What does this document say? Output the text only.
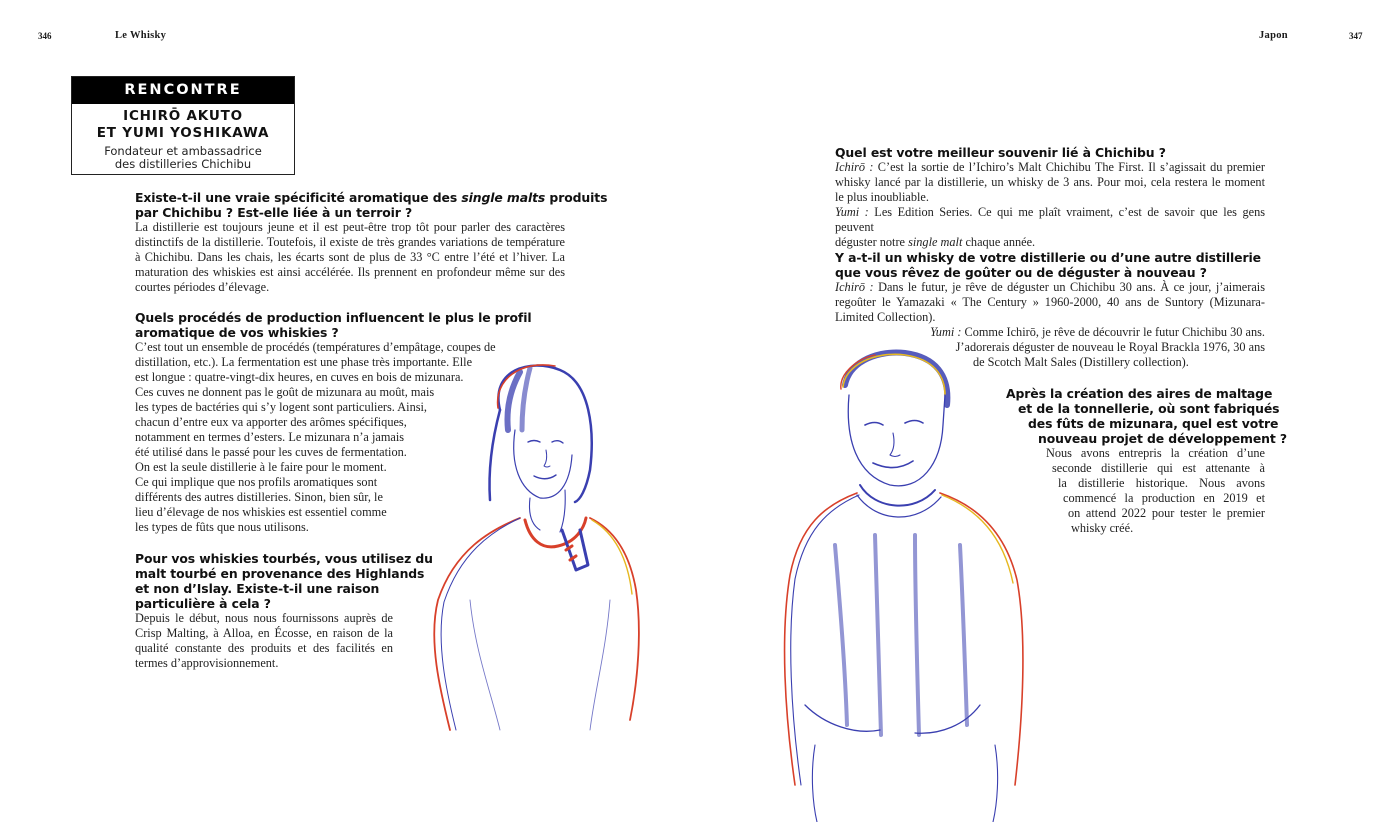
346	Le Whisky	Japon	347
RENCONTRE
ICHIRŌ AKUTO
ET YUMI YOSHIKAWA
Fondateur et ambassadrice
des distilleries Chichibu
Existe-t-il une vraie spécificité aromatique des single malts produits
par Chichibu ? Est-elle liée à un terroir ?
La distillerie est toujours jeune et il est peut-être trop tôt pour parler des caractères
distinctifs de la distillerie. Toutefois, il existe de très grandes variations de température
à Chichibu. Dans les chais, les écarts sont de plus de 33 °C entre l’été et l’hiver. La
maturation des whiskies est ainsi accélérée. Ils prennent en profondeur même sur des
courtes périodes d’élevage.
Quels procédés de production influencent le plus le profil
aromatique de vos whiskies ?
C’est tout un ensemble de procédés (températures d’empâtage, coupes de
distillation, etc.). La fermentation est une phase très importante. Elle
est longue : quatre-vingt-dix heures, en cuves en bois de mizunara.
Ces cuves ne donnent pas le goût de mizunara au moût, mais
les types de bactéries qui s’y logent sont particuliers. Ainsi,
chacun d’entre eux va apporter des arômes spécifiques,
notamment en termes d’esters. Le mizunara n’a jamais
été utilisé dans le passé pour les cuves de fermentation.
On est la seule distillerie à le faire pour le moment.
Ce qui implique que nos profils aromatiques sont
différents des autres distilleries. Sinon, bien sûr, le
lieu d’élevage de nos whiskies est essentiel comme
les types de fûts que nous utilisons.
Pour vos whiskies tourbés, vous utilisez du
malt tourbé en provenance des Highlands
et non d’Islay. Existe-t-il une raison
particulière à cela ?
Depuis le début, nous nous fournissons auprès de
Crisp Malting, à Alloa, en Écosse, en raison de la
qualité constante des produits et des facilités en
termes d’approvisionnement.
Quel est votre meilleur souvenir lié à Chichibu ?
Ichirō : C’est la sortie de l’Ichiro’s Malt Chichibu The First. Il s’agissait du premier
whisky lancé par la distillerie, un whisky de 3 ans. Pour moi, cela restera le moment
le plus inoubliable.
Yumi : Les Edition Series. Ce qui me plaît vraiment, c’est de savoir que les gens peuvent
déguster notre single malt chaque année.
Y a-t-il un whisky de votre distillerie ou d’une autre distillerie
que vous rêvez de goûter ou de déguster à nouveau ?
Ichirō : Dans le futur, je rêve de déguster un Chichibu 30 ans. À ce jour, j’aimerais
regoûter le Yamazaki « The Century » 1960-2000, 40 ans de Suntory (Mizunara-
Limited Collection).
Yumi : Comme Ichirō, je rêve de découvrir le futur Chichibu 30 ans.
J’adorerais déguster de nouveau le Royal Brackla 1976, 30 ans
de Scotch Malt Sales (Distillery collection).
Après la création des aires de maltage
et de la tonnellerie, où sont fabriqués
des fûts de mizunara, quel est votre
nouveau projet de développement ?
Nous avons entrepris la création d’une
seconde distillerie qui est attenante à
la distillerie historique. Nous avons
commencé la production en 2019 et
on attend 2022 pour tester le premier
whisky créé.
